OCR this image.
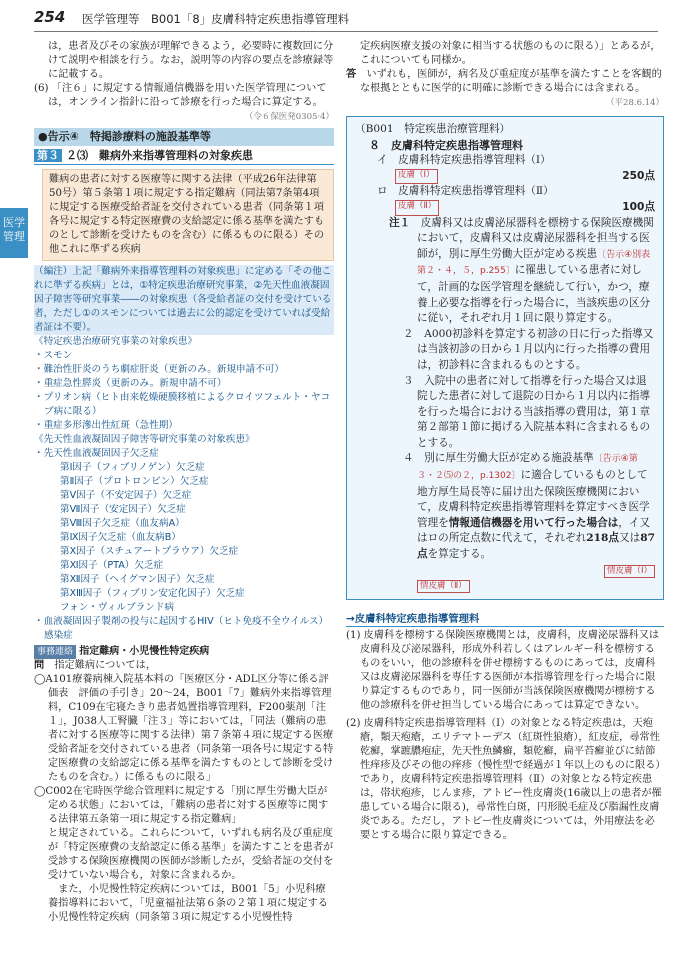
254 医学管理等　B001「8」皮膚科特定疾患指導管理料
医学
管理

は，患者及びその家族が理解できるよう，必要時に複数回に分けて説明や相談を行う。なお，説明等の内容の要点を診療録等に記載する。

(6) 「注６」に規定する情報通信機器を用いた医学管理については，オンライン指針に沿って診療を行った場合に算定する。

（令６保医発0305·4）

●告示④　特掲診療料の施設基準等
第３ ２⑶　難病外来指導管理料の対象疾患

難病の患者に対する医療等に関する法律（平成26年法律第50号）第５条第１項に規定する指定難病（同法第7条第4項に規定する医療受給者証を交付されている患者（同条第１項各号に規定する特定医療費の支給認定に係る基準を満たすものとして診断を受けたものを含む）に係るものに限る）その他これに準ずる疾病

（編注）上記「難病外来指導管理料の対象疾患」に定める「その他これに準ずる疾病」とは，①特定疾患治療研究事業，②先天性血液凝固因子障害等研究事業――の対象疾患（各受給者証の交付を受けている者，ただし①のスモンについては過去に公的認定を受けていれば受給者証は不要）。

《特定疾患治療研究事業の対象疾患》

・スモン

・難治性肝炎のうち劇症肝炎（更新のみ。新規申請不可）

・重症急性膵炎（更新のみ。新規申請不可）

・プリオン病（ヒト由来乾燥硬膜移植によるクロイツフェルト・ヤコブ病に限る）

・重症多形滲出性紅斑（急性期）

《先天性血液凝固因子障害等研究事業の対象疾患》

・先天性血液凝固因子欠乏症

第Ⅰ因子（フィブリノゲン）欠乏症

第Ⅱ因子（プロトロンビン）欠乏症

第Ⅴ因子（不安定因子）欠乏症

第Ⅶ因子（安定因子）欠乏症

第Ⅷ因子欠乏症（血友病A）

第Ⅸ因子欠乏症（血友病B）

第Ⅹ因子（スチュアートプラウア）欠乏症

第Ⅺ因子（PTA）欠乏症

第Ⅻ因子（ヘイグマン因子）欠乏症

第ⅩⅢ因子（フィブリン安定化因子）欠乏症

フォン・ヴィルブランド病

・血液凝固因子製剤の投与に起因するHIV（ヒト免疫不全ウイルス）感染症

事務連絡 指定難病・小児慢性特定疾病

問　 指定難病については，

◯A101療養病棟入院基本料の「医療区分・ADL区分等に係る評価表　評価の手引き」20～24，B001「7」難病外来指導管理料，C109在宅寝たきり患者処置指導管理料，F200薬剤「注１」，J038人工腎臓「注３」等においては，「同法（難病の患者に対する医療等に関する法律）第７条第４項に規定する医療受給者証を交付されている患者（同条第一項各号に規定する特定医療費の支給認定に係る基準を満たすものとして診断を受けたものを含む。）に係るものに限る」

◯C002在宅時医学総合管理料に規定する「別に厚生労働大臣が定める状態」においては，「難病の患者に対する医療等に関する法律第五条第一項に規定する指定難病」

と規定されている。これらについて，いずれも病名及び重症度が「特定医療費の支給認定に係る基準」を満たすことを患者が受診する保険医療機関の医師が診断したが，受給者証の交付を受けていない場合も，対象に含まれるか。

　また，小児慢性特定疾病については，B001「5」小児科療養指導料において，「児童福祉法第６条の２第１項に規定する小児慢性特定疾病（同条第３項に規定する小児慢性特

定疾病医療支援の対象に相当する状態のものに限る）」とあるが，これについても同様か。

答　 いずれも，医師が，病名及び重症度が基準を満たすことを客観的な根拠とともに医学的に明確に診断できる場合には含まれる。

（平28.6.14）

（B001　特定疾患治療管理料）

８　皮膚科特定疾患指導管理料

イ　皮膚科特定疾患指導管理料（Ⅰ）

皮膚（Ⅰ）	250点

ロ　皮膚科特定疾患指導管理料（Ⅱ）

皮膚（Ⅱ）	100点

注１　 皮膚科又は皮膚泌尿器科を標榜する保険医療機関において，皮膚科又は皮膚泌尿器科を担当する医師が，別に厚生労働大臣が定める疾患〔告示④別表第２・４，５，p.255〕に罹患している患者に対して，計画的な医学管理を継続して行い，かつ，療養上必要な指導を行った場合に，当該疾患の区分に従い，それぞれ月１回に限り算定する。

２　A000初診料を算定する初診の日に行った指導又は当該初診の日から１月以内に行った指導の費用は，初診料に含まれるものとする。

３　入院中の患者に対して指導を行った場合又は退院した患者に対して退院の日から１月以内に指導を行った場合における当該指導の費用は，第１章第２部第１節に掲げる入院基本料に含まれるものとする。

４　別に厚生労働大臣が定める施設基準〔告示④第３・２⑸の２，p.1302〕に適合しているものとして地方厚生局長等に届け出た保険医療機関において，皮膚科特定疾患指導管理料を算定すべき医学管理を情報通信機器を用いて行った場合は，イ又はロの所定点数に代えて，それぞれ218点又は87点を算定する。

情皮膚（Ⅰ）

情皮膚（Ⅱ）

→皮膚科特定疾患指導管理料

(1) 皮膚科を標榜する保険医療機関とは，皮膚科，皮膚泌尿器科又は皮膚科及び泌尿器科，形成外科若しくはアレルギー科を標榜するものをいい，他の診療科を併せ標榜するものにあっては，皮膚科又は皮膚泌尿器科を専任する医師が本指導管理を行った場合に限り算定するものであり，同一医師が当該保険医療機関が標榜する他の診療科を併せ担当している場合にあっては算定できない。

(2) 皮膚科特定疾患指導管理料（Ⅰ）の対象となる特定疾患は，天疱瘡，類天疱瘡，エリテマトーデス（紅斑性狼瘡），紅皮症，尋常性乾癬，掌蹠膿疱症，先天性魚鱗癬，類乾癬，扁平苔癬並びに結節性痒疹及びその他の痒疹（慢性型で経過が１年以上のものに限る）であり，皮膚科特定疾患指導管理料（Ⅱ）の対象となる特定疾患は，帯状疱疹，じんま疹，アトピー性皮膚炎(16歳以上の患者が罹患している場合に限る)，尋常性白斑，円形脱毛症及び脂漏性皮膚炎である。ただし，アトピー性皮膚炎については，外用療法を必要とする場合に限り算定できる。
